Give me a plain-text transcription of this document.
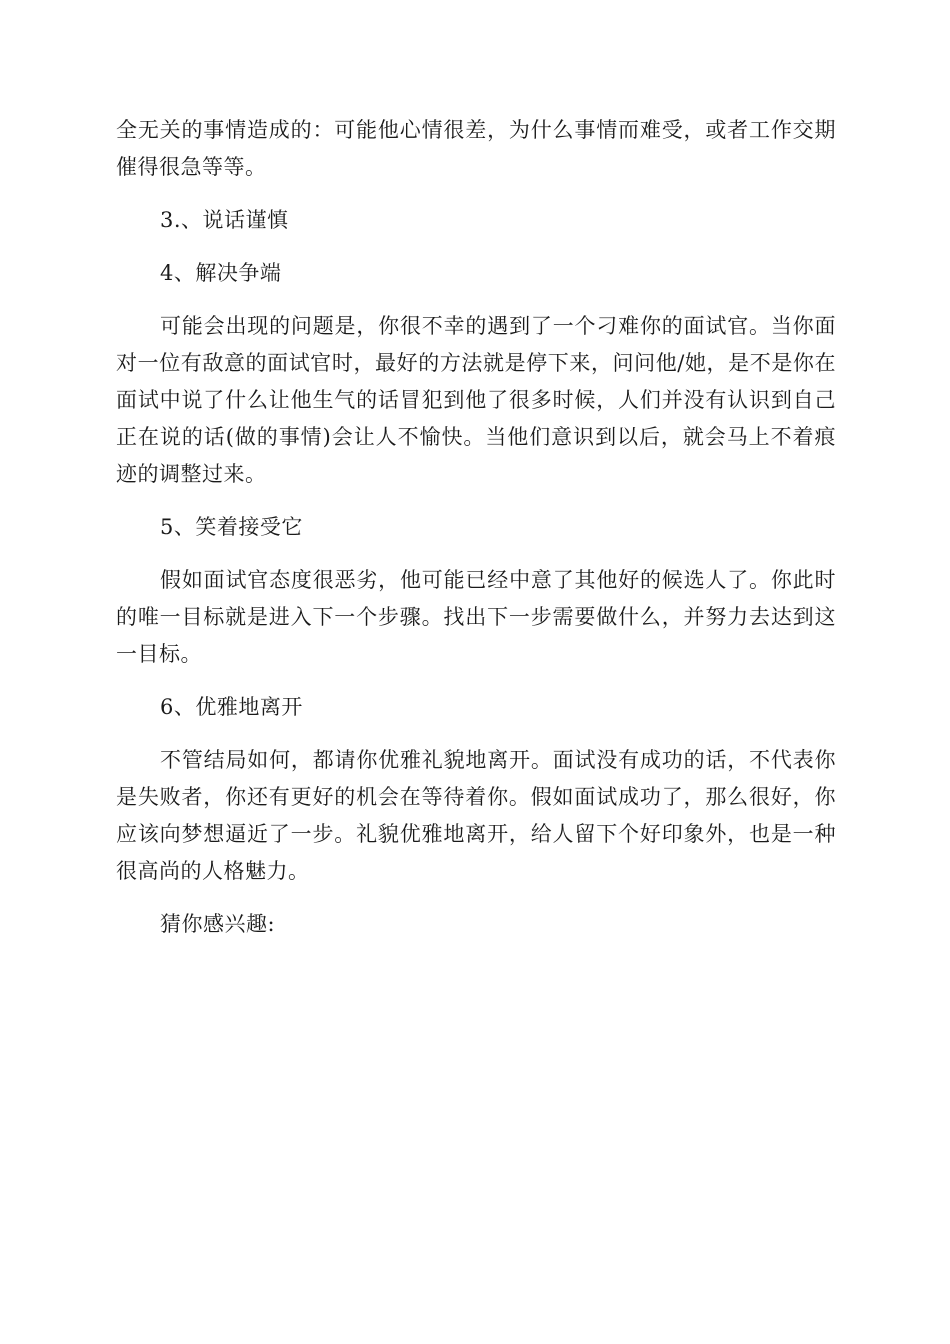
全无关的事情造成的：可能他心情很差，为什么事情而难受，或者工作交期催得很急等等。

3.、说话谨慎

4、解决争端

可能会出现的问题是，你很不幸的遇到了一个刁难你的面试官。当你面对一位有敌意的面试官时，最好的方法就是停下来，问问他/她，是不是你在面试中说了什么让他生气的话冒犯到他了很多时候，人们并没有认识到自己正在说的话(做的事情)会让人不愉快。当他们意识到以后，就会马上不着痕迹的调整过来。

5、笑着接受它

假如面试官态度很恶劣，他可能已经中意了其他好的候选人了。你此时的唯一目标就是进入下一个步骤。找出下一步需要做什么，并努力去达到这一目标。

6、优雅地离开

不管结局如何，都请你优雅礼貌地离开。面试没有成功的话，不代表你是失败者，你还有更好的机会在等待着你。假如面试成功了，那么很好，你应该向梦想逼近了一步。礼貌优雅地离开，给人留下个好印象外，也是一种很高尚的人格魅力。

猜你感兴趣:
